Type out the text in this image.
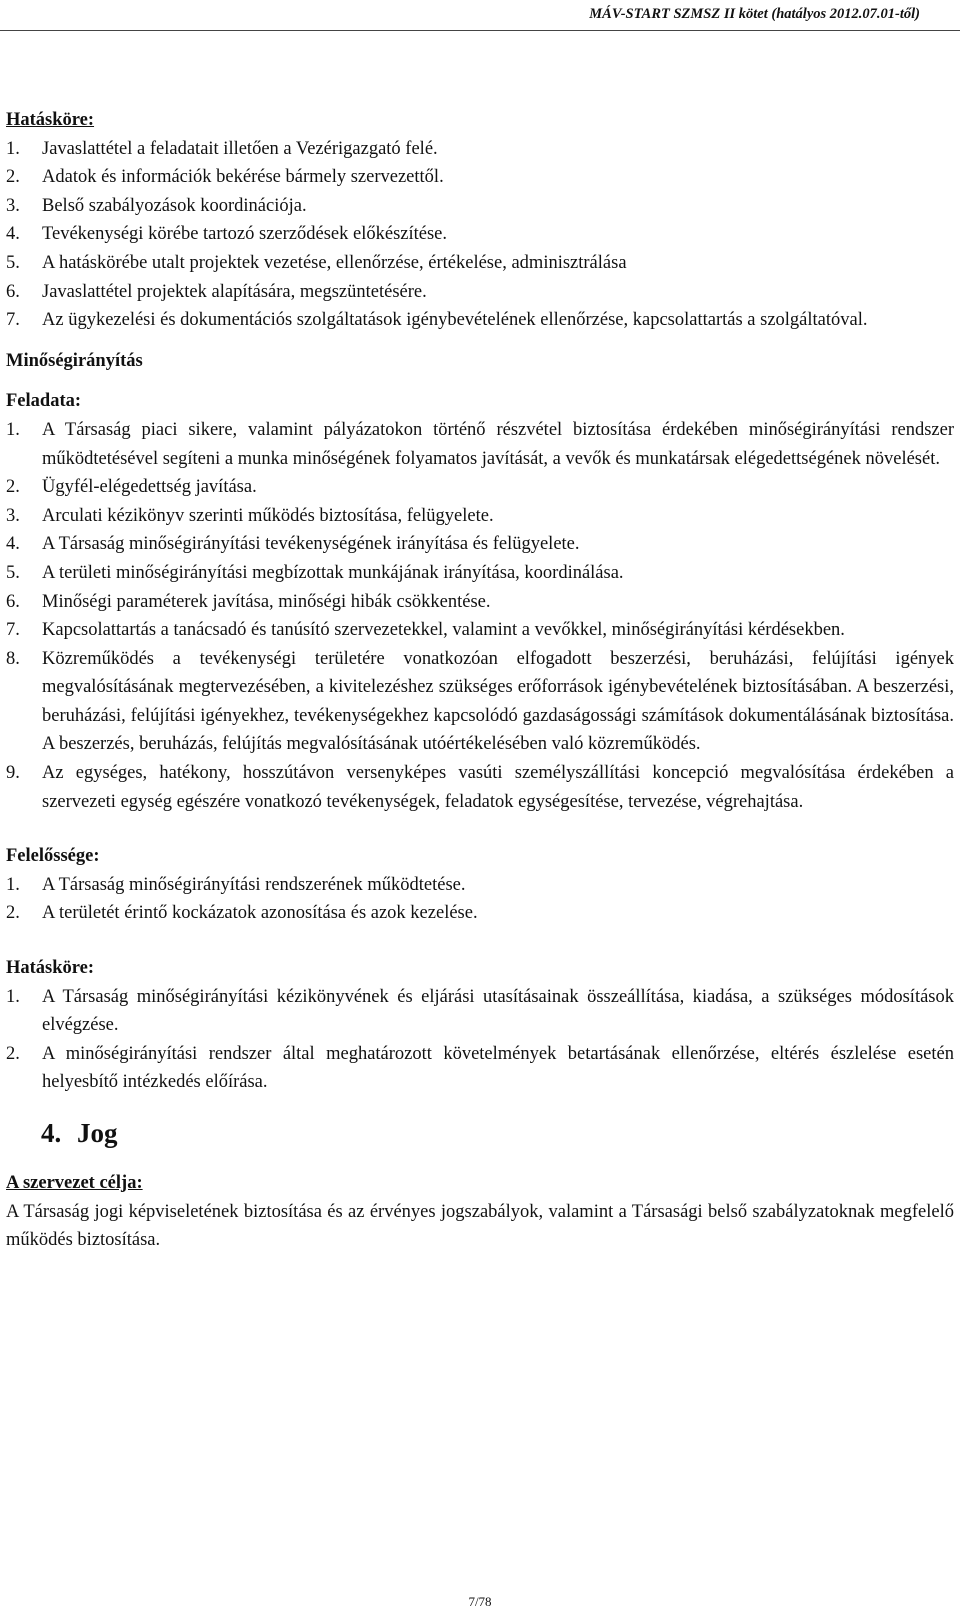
MÁV-START SZMSZ II kötet (hatályos 2012.07.01-től)
Hatásköre:
1.	Javaslattétel a feladatait illetően a Vezérigazgató felé.
2.	Adatok és információk bekérése bármely szervezettől.
3.	Belső szabályozások koordinációja.
4.	Tevékenységi körébe tartozó szerződések előkészítése.
5.	A hatáskörébe utalt projektek vezetése, ellenőrzése, értékelése, adminisztrálása
6.	Javaslattétel projektek alapítására, megszüntetésére.
7.	Az ügykezelési és dokumentációs szolgáltatások igénybevételének ellenőrzése, kapcsolattartás a szolgáltatóval.
Minőségirányítás
Feladata:
1.	A Társaság piaci sikere, valamint pályázatokon történő részvétel biztosítása érdekében minőségirányítási rendszer működtetésével segíteni a munka minőségének folyamatos javítását, a vevők és munkatársak elégedettségének növelését.
2.	Ügyfél-elégedettség javítása.
3.	Arculati kézikönyv szerinti működés biztosítása, felügyelete.
4.	A Társaság minőségirányítási tevékenységének irányítása és felügyelete.
5.	A területi minőségirányítási megbízottak munkájának irányítása, koordinálása.
6.	Minőségi paraméterek javítása, minőségi hibák csökkentése.
7.	Kapcsolattartás a tanácsadó és tanúsító szervezetekkel, valamint a vevőkkel, minőségirányítási kérdésekben.
8.	Közreműködés a tevékenységi területére vonatkozóan elfogadott beszerzési, beruházási, felújítási igények megvalósításának megtervezésében, a kivitelezéshez szükséges erőforrások igénybevételének biztosításában. A beszerzési, beruházási, felújítási igényekhez, tevékenységekhez kapcsolódó gazdaságossági számítások dokumentálásának biztosítása. A beszerzés, beruházás, felújítás megvalósításának utóértékelésében való közreműködés.
9.	Az egységes, hatékony, hosszútávon versenyképes vasúti személyszállítási koncepció megvalósítása érdekében a szervezeti egység egészére vonatkozó tevékenységek, feladatok egységesítése, tervezése, végrehajtása.
Felelőssége:
1.	A Társaság minőségirányítási rendszerének működtetése.
2.	A területét érintő kockázatok azonosítása és azok kezelése.
Hatásköre:
1.	A Társaság minőségirányítási kézikönyvének és eljárási utasításainak összeállítása, kiadása, a szükséges módosítások elvégzése.
2.	A minőségirányítási rendszer által meghatározott követelmények betartásának ellenőrzése, eltérés észlelése esetén helyesbítő intézkedés előírása.
4. Jog
A szervezet célja:
A Társaság jogi képviseletének biztosítása és az érvényes jogszabályok, valamint a Társasági belső szabályzatoknak megfelelő működés biztosítása.
7/78
